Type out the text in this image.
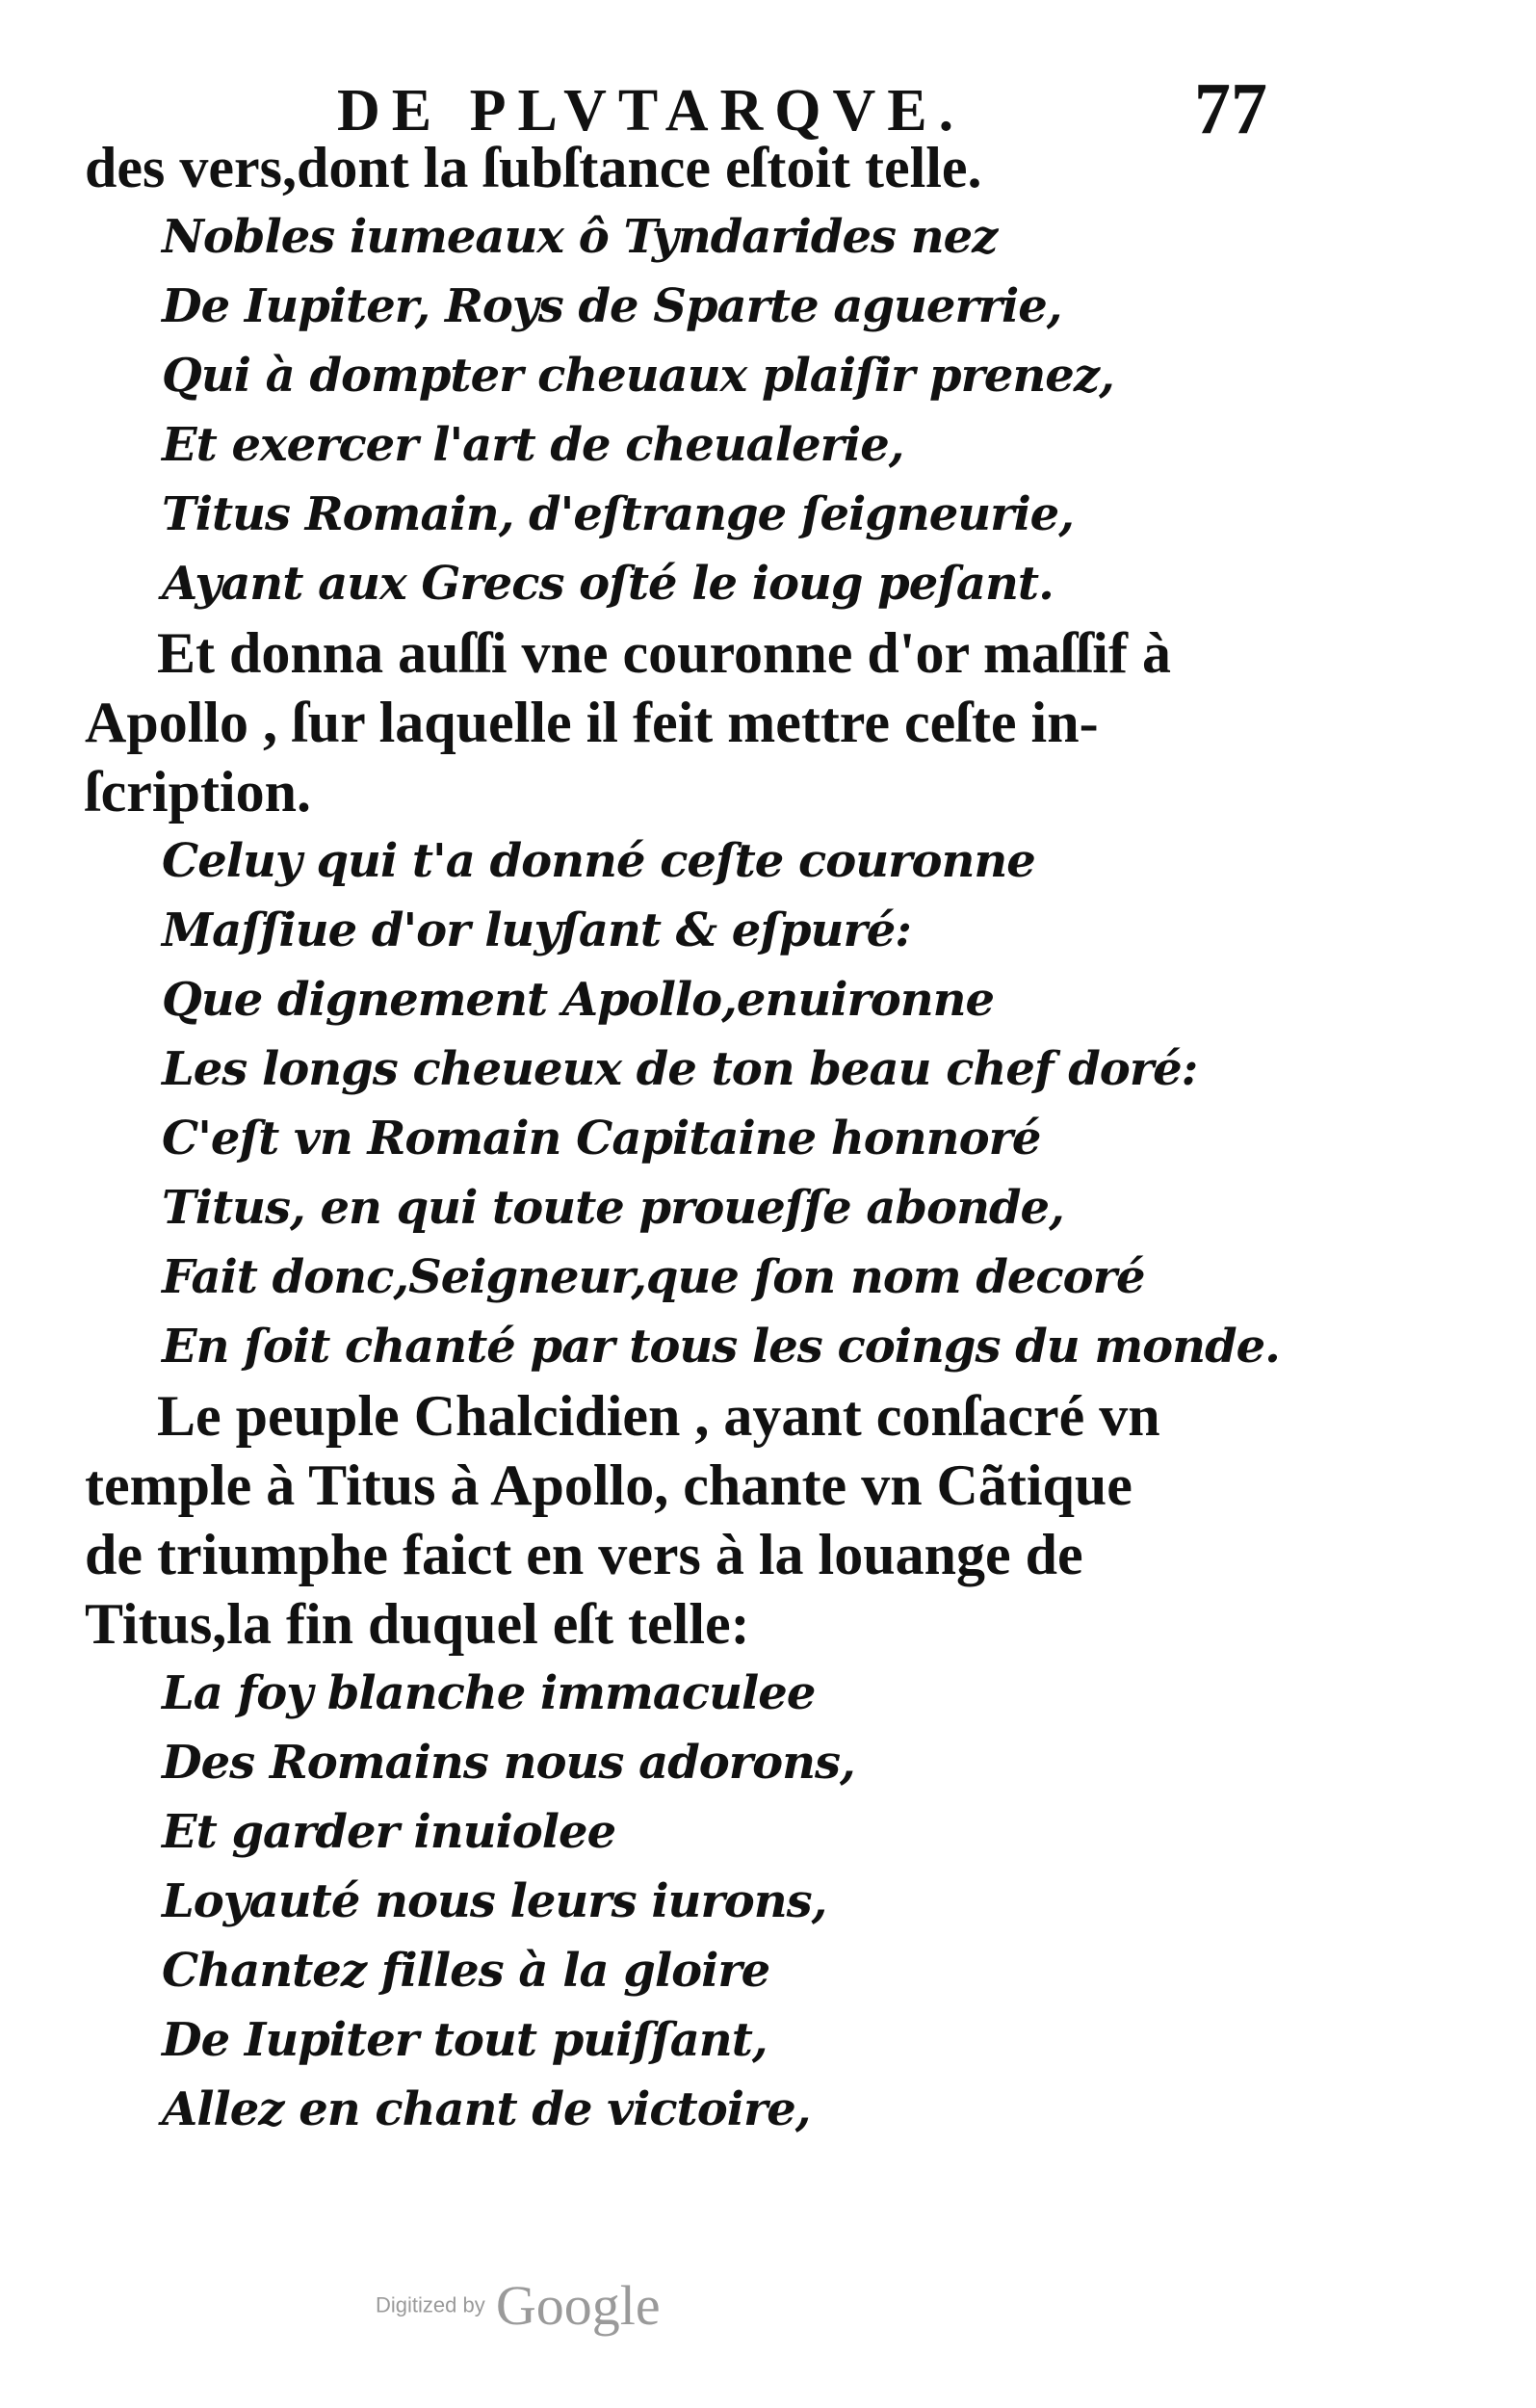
DE PLVTARQVE.	77
des vers,dont la ſubſtance eſtoit telle.
Nobles iumeaux ô Tyndarides nez
De Iupiter, Roys de Sparte aguerrie,
Qui à dompter cheuaux plaiſir prenez,
Et exercer l'art de cheualerie,
Titus Romain, d'eſtrange ſeigneurie,
Ayant aux Grecs oſté le ioug peſant.
Et donna auſſi vne couronne d'or maſſif à
Apollo , ſur laquelle il feit mettre ceſte in-
ſcription.
Celuy qui t'a donné ceſte couronne
Maſſiue d'or luyſant & eſpuré:
Que dignement Apollo,enuironne
Les longs cheueux de ton beau chef doré:
C'eſt vn Romain Capitaine honnoré
Titus, en qui toute proueſſe abonde,
Fait donc,Seigneur,que ſon nom decoré
En ſoit chanté par tous les coings du monde.
Le peuple Chalcidien , ayant conſacré vn
temple à Titus à Apollo, chante vn Cãtique
de triumphe faict en vers à la louange de
Titus,la fin duquel eſt telle:
La foy blanche immaculee
Des Romains nous adorons,
Et garder inuiolee
Loyauté nous leurs iurons,
Chantez filles à la gloire
De Iupiter tout puiſſant,
Allez en chant de victoire,
Digitized by Google
